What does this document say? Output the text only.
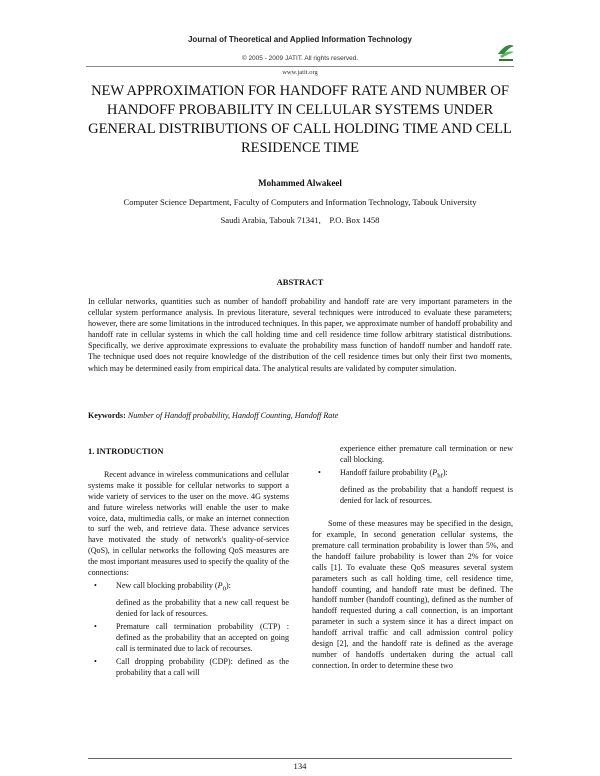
Journal of Theoretical and Applied Information Technology
© 2005 - 2009 JATIT. All rights reserved.
www.jatit.org
NEW APPROXIMATION FOR HANDOFF RATE AND NUMBER OF HANDOFF PROBABILITY IN CELLULAR SYSTEMS UNDER GENERAL DISTRIBUTIONS OF CALL HOLDING TIME AND CELL RESIDENCE TIME
Mohammed Alwakeel
Computer Science Department, Faculty of Computers and Information Technology, Tabouk University
Saudi Arabia, Tabouk 71341,    P.O. Box 1458
ABSTRACT
In cellular networks, quantities such as number of handoff probability and handoff rate are very important parameters in the cellular system performance analysis. In previous literature, several techniques were introduced to evaluate these parameters; however, there are some limitations in the introduced techniques. In this paper, we approximate number of handoff probability and handoff rate in cellular systems in which the call holding time and cell residence time follow arbitrary statistical distributions. Specifically, we derive approximate expressions to evaluate the probability mass function of handoff number and handoff rate. The technique used does not require knowledge of the distribution of the cell residence times but only their first two moments, which may be determined easily from empirical data. The analytical results are validated by computer simulation.
Keywords: Number of Handoff probability, Handoff Counting, Handoff Rate
1. INTRODUCTION

Recent advance in wireless communications and cellular systems make it possible for cellular networks to support a wide variety of services to the user on the move. 4G systems and future wireless networks will enable the user to make voice, data, multimedia calls, or make an internet connection to surf the web, and retrieve data. These advance services have motivated the study of network's quality-of-service (QoS), in cellular networks the following QoS measures are the most important measures used to specify the quality of the connections:

• New call blocking probability $(P_0)$:
defined as the probability that a new call request be denied for lack of resources.
• Premature call termination probability (CTP) : defined as the probability that an accepted on going call is terminated due to lack of recourses.
• Call dropping probability (CDP): defined as the probability that a call will
experience either premature call termination or new call blocking.
• Handoff failure probability $(P_{hf})$:
defined as the probability that a handoff request is denied for lack of resources.

Some of these measures may be specified in the design, for example, In second generation cellular systems, the premature call termination probability is lower than 5%, and the handoff failure probability is lower than 2% for voice calls [1]. To evaluate these QoS measures several system parameters such as call holding time, cell residence time, handoff counting, and handoff rate must be defined. The handoff number (handoff counting), defined as the number of handoff requested during a call connection, is an important parameter in such a system since it has a direct impact on handoff arrival traffic and call admission control policy design [2], and the handoff rate is defined as the average number of handoffs undertaken during the actual call connection. In order to determine these two

134
